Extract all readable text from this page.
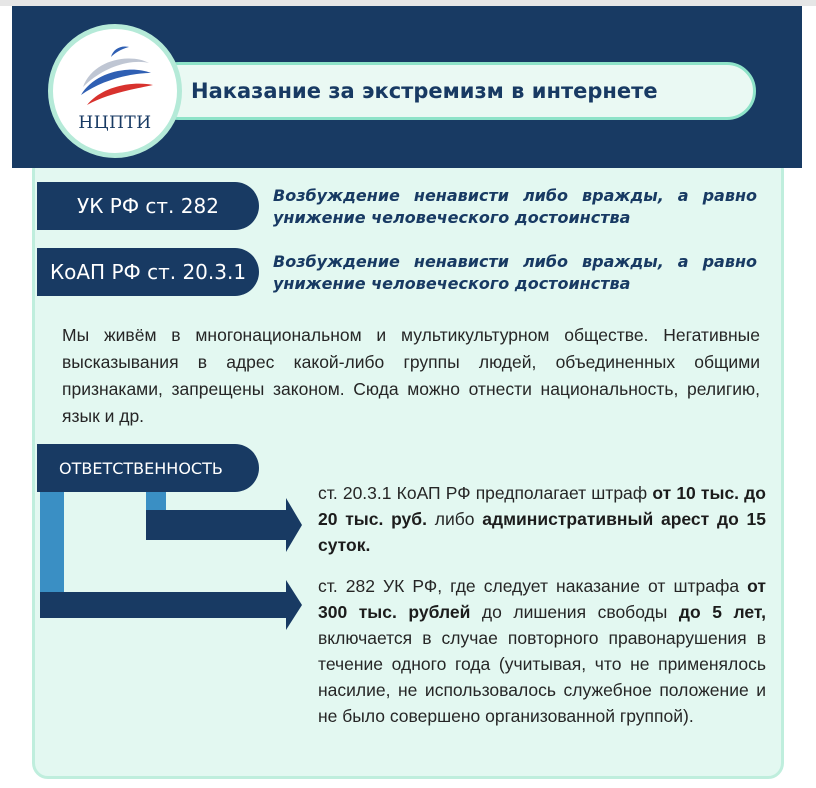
Наказание за экстремизм в интернете
НЦПТИ
УК РФ ст. 282	Возбуждение ненависти либо вражды, а равно
унижение человеческого достоинства
КоАП РФ ст. 20.3.1	Возбуждение ненависти либо вражды, а равно
унижение человеческого достоинства
Мы живём в многонациональном и мультикультурном обществе. Негативные высказывания в адрес какой-либо группы людей, объединенных общими признаками, запрещены законом. Сюда можно отнести национальность, религию, язык и др.
ОТВЕТСТВЕННОСТЬ
ст. 20.3.1 КоАП РФ предполагает штраф от 10 тыс. до 20 тыс. руб. либо административный арест до 15 суток.
ст. 282 УК РФ, где следует наказание от штрафа от 300 тыс. рублей до лишения свободы до 5 лет, включается в случае повторного правонарушения в течение одного года (учитывая, что не применялось насилие, не использовалось служебное положение и не было совершено организованной группой).
